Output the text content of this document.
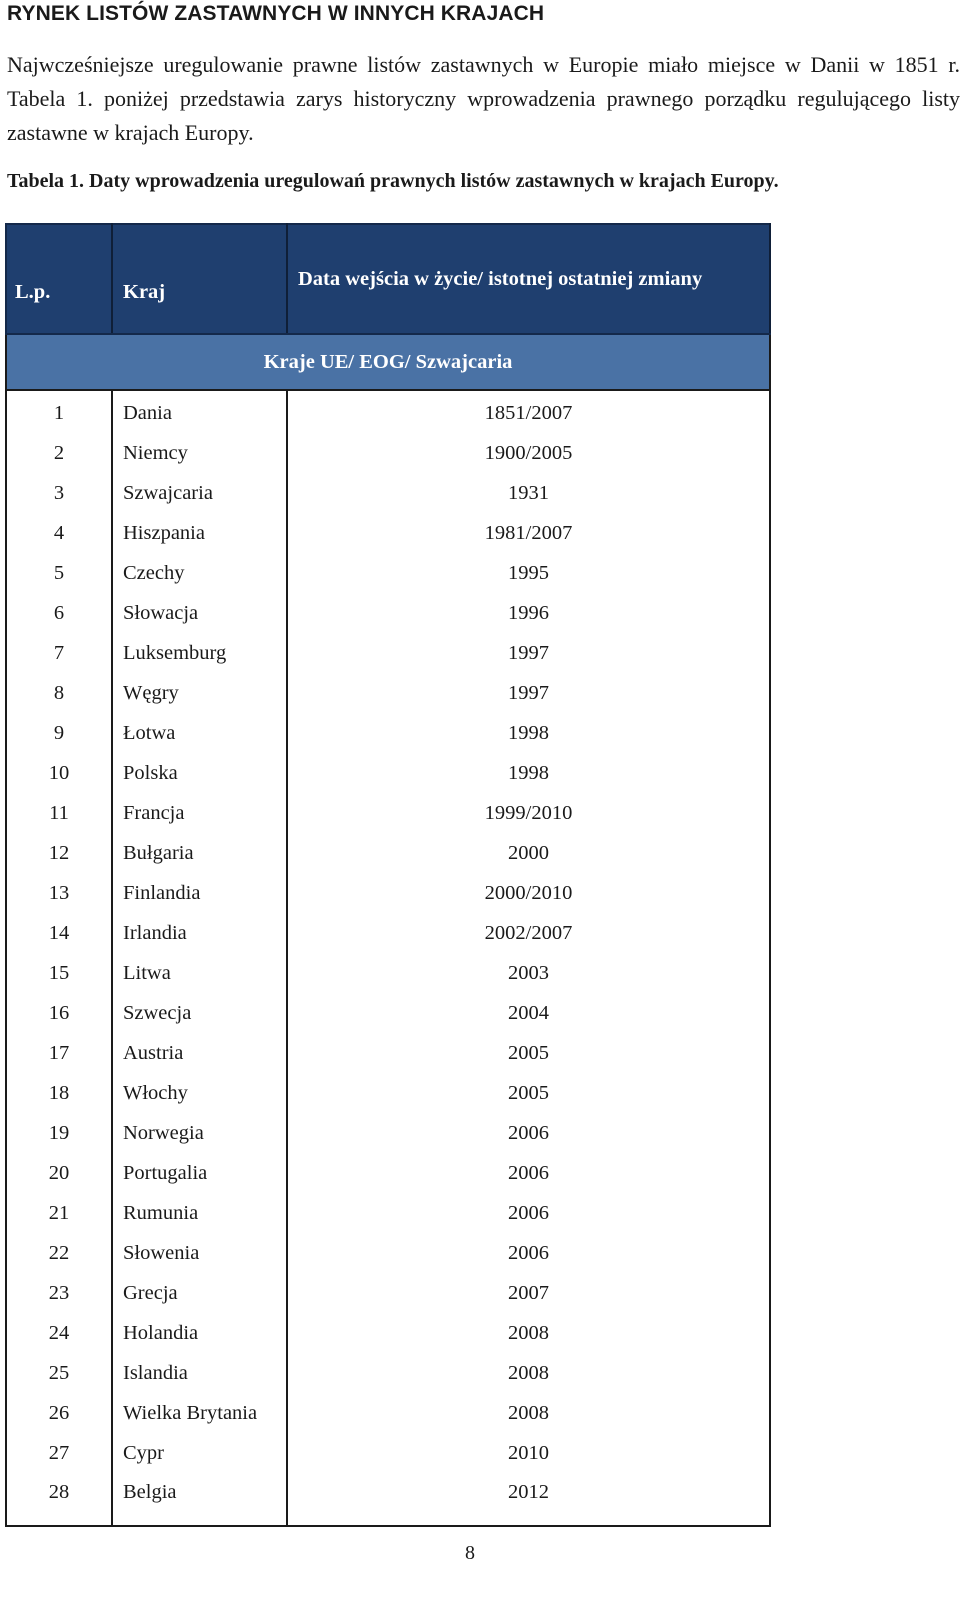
RYNEK LISTÓW ZASTAWNYCH W INNYCH KRAJACH
Najwcześniejsze uregulowanie prawne listów zastawnych w Europie miało miejsce w Danii w 1851 r. Tabela 1. poniżej przedstawia zarys historyczny wprowadzenia prawnego porządku regulującego listy zastawne w krajach Europy.
Tabela 1. Daty wprowadzenia uregulowań prawnych listów zastawnych w krajach Europy.
L.p.	Kraj	Data wejścia w życie/ istotnej ostatniej zmiany
Kraje UE/ EOG/ Szwajcaria		
1	Dania	1851/2007
2	Niemcy	1900/2005
3	Szwajcaria	1931
4	Hiszpania	1981/2007
5	Czechy	1995
6	Słowacja	1996
7	Luksemburg	1997
8	Węgry	1997
9	Łotwa	1998
10	Polska	1998
11	Francja	1999/2010
12	Bułgaria	2000
13	Finlandia	2000/2010
14	Irlandia	2002/2007
15	Litwa	2003
16	Szwecja	2004
17	Austria	2005
18	Włochy	2005
19	Norwegia	2006
20	Portugalia	2006
21	Rumunia	2006
22	Słowenia	2006
23	Grecja	2007
24	Holandia	2008
25	Islandia	2008
26	Wielka Brytania	2008
27	Cypr	2010
28	Belgia	2012
8
